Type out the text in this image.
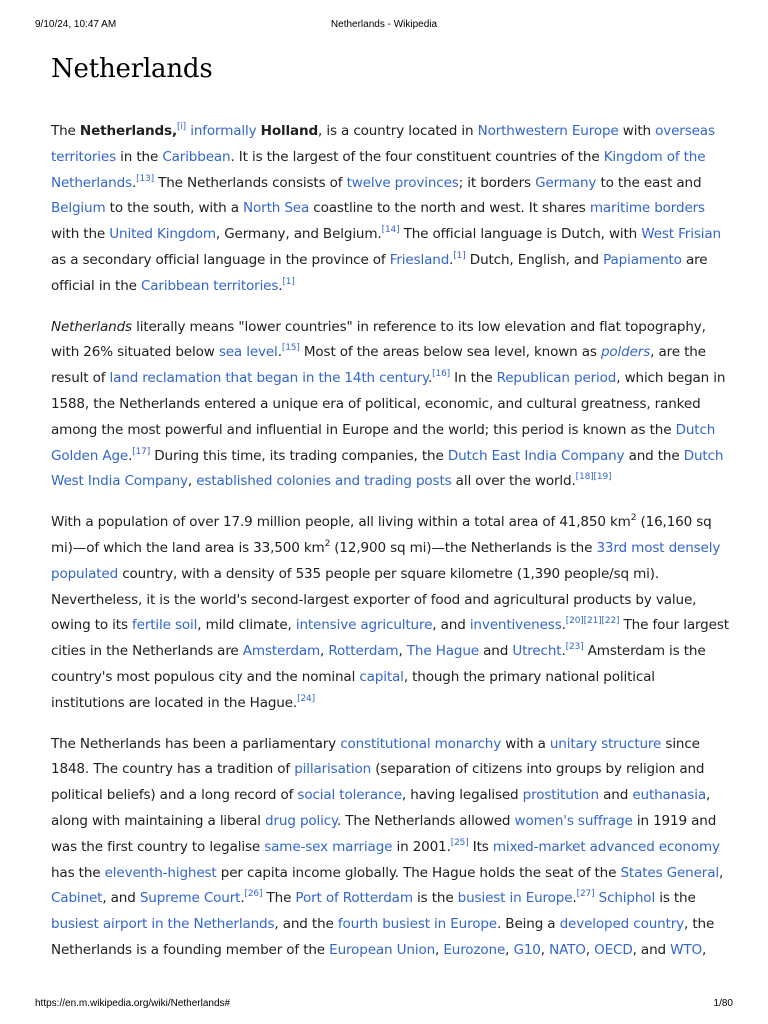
9/10/24, 10:47 AM	Netherlands - Wikipedia
Netherlands

The Netherlands,[i] informally Holland, is a country located in Northwestern Europe with overseas territories in the Caribbean. It is the largest of the four constituent countries of the Kingdom of the Netherlands.[13] The Netherlands consists of twelve provinces; it borders Germany to the east and Belgium to the south, with a North Sea coastline to the north and west. It shares maritime borders with the United Kingdom, Germany, and Belgium.[14] The official language is Dutch, with West Frisian as a secondary official language in the province of Friesland.[1] Dutch, English, and Papiamento are official in the Caribbean territories.[1]

Netherlands literally means "lower countries" in reference to its low elevation and flat topography, with 26% situated below sea level.[15] Most of the areas below sea level, known as polders, are the result of land reclamation that began in the 14th century.[16] In the Republican period, which began in 1588, the Netherlands entered a unique era of political, economic, and cultural greatness, ranked among the most powerful and influential in Europe and the world; this period is known as the Dutch Golden Age.[17] During this time, its trading companies, the Dutch East India Company and the Dutch West India Company, established colonies and trading posts all over the world.[18][19]

With a population of over 17.9 million people, all living within a total area of 41,850 $km^2$ (16,160 sq mi)—of which the land area is 33,500 $km^2$ (12,900 sq mi)—the Netherlands is the 33rd most densely populated country, with a density of 535 people per square kilometre (1,390 people/sq mi). Nevertheless, it is the world's second-largest exporter of food and agricultural products by value, owing to its fertile soil, mild climate, intensive agriculture, and inventiveness.[20][21][22] The four largest cities in the Netherlands are Amsterdam, Rotterdam, The Hague and Utrecht.[23] Amsterdam is the country's most populous city and the nominal capital, though the primary national political institutions are located in the Hague.[24]

The Netherlands has been a parliamentary constitutional monarchy with a unitary structure since 1848. The country has a tradition of pillarisation (separation of citizens into groups by religion and political beliefs) and a long record of social tolerance, having legalised prostitution and euthanasia, along with maintaining a liberal drug policy. The Netherlands allowed women's suffrage in 1919 and was the first country to legalise same-sex marriage in 2001.[25] Its mixed-market advanced economy has the eleventh-highest per capita income globally. The Hague holds the seat of the States General, Cabinet, and Supreme Court.[26] The Port of Rotterdam is the busiest in Europe.[27] Schiphol is the busiest airport in the Netherlands, and the fourth busiest in Europe. Being a developed country, the Netherlands is a founding member of the European Union, Eurozone, G10, NATO, OECD, and WTO,

https://en.m.wikipedia.org/wiki/Netherlands#	1/80
